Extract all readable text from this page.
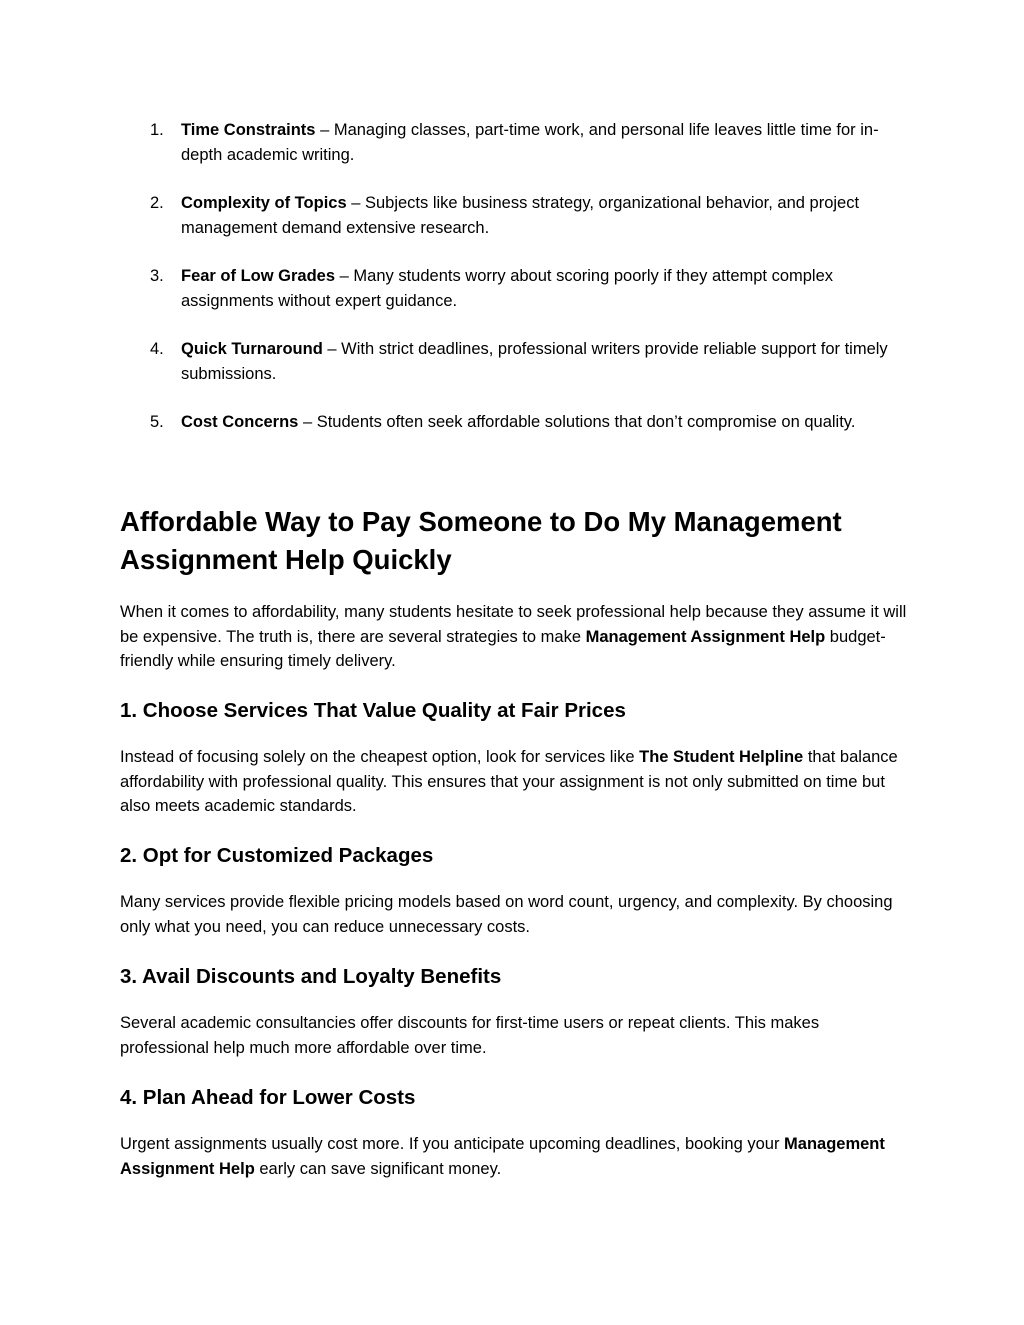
1. Time Constraints – Managing classes, part-time work, and personal life leaves little time for in-depth academic writing.
2. Complexity of Topics – Subjects like business strategy, organizational behavior, and project management demand extensive research.
3. Fear of Low Grades – Many students worry about scoring poorly if they attempt complex assignments without expert guidance.
4. Quick Turnaround – With strict deadlines, professional writers provide reliable support for timely submissions.
5. Cost Concerns – Students often seek affordable solutions that don’t compromise on quality.
Affordable Way to Pay Someone to Do My Management Assignment Help Quickly

When it comes to affordability, many students hesitate to seek professional help because they assume it will be expensive. The truth is, there are several strategies to make Management Assignment Help budget-friendly while ensuring timely delivery.

1. Choose Services That Value Quality at Fair Prices

Instead of focusing solely on the cheapest option, look for services like The Student Helpline that balance affordability with professional quality. This ensures that your assignment is not only submitted on time but also meets academic standards.

2. Opt for Customized Packages

Many services provide flexible pricing models based on word count, urgency, and complexity. By choosing only what you need, you can reduce unnecessary costs.

3. Avail Discounts and Loyalty Benefits

Several academic consultancies offer discounts for first-time users or repeat clients. This makes professional help much more affordable over time.

4. Plan Ahead for Lower Costs

Urgent assignments usually cost more. If you anticipate upcoming deadlines, booking your Management Assignment Help early can save significant money.
